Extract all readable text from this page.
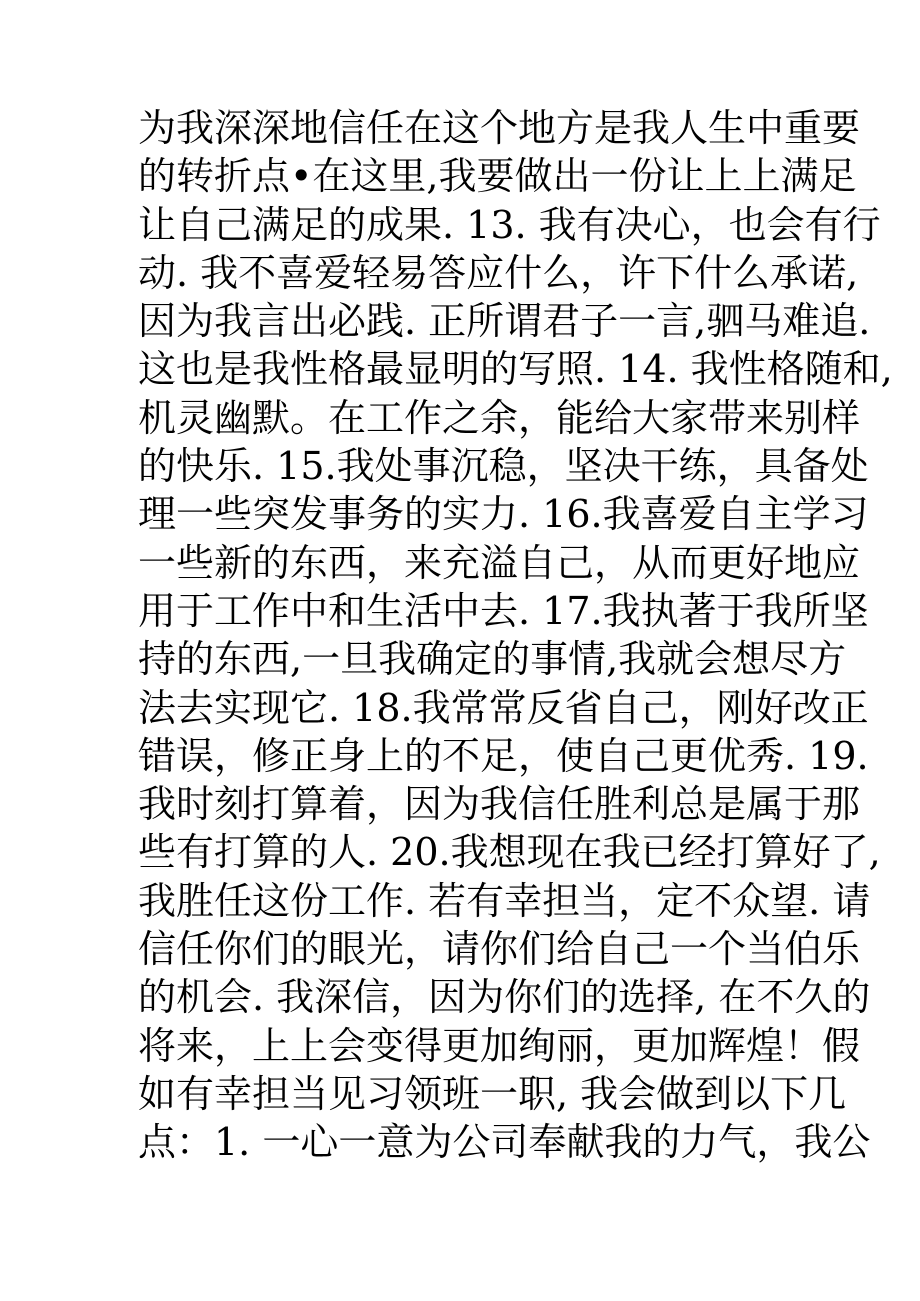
为我深深地信任在这个地方是我人生中重要
的转折点•在这里,我要做出一份让上上满足
让自己满足的成果. 13. 我有决心，也会有行
动. 我不喜爱轻易答应什么，许下什么承诺,
因为我言出必践. 正所谓君子一言,驷马难追.
这也是我性格最显明的写照. 14. 我性格随和,
机灵幽默。在工作之余，能给大家带来别样
的快乐. 15.我处事沉稳，坚决干练，具备处
理一些突发事务的实力. 16.我喜爱自主学习
一些新的东西，来充溢自己，从而更好地应
用于工作中和生活中去. 17.我执著于我所坚
持的东西,一旦我确定的事情,我就会想尽方
法去实现它. 18.我常常反省自己，刚好改正
错误，修正身上的不足，使自己更优秀. 19.
我时刻打算着，因为我信任胜利总是属于那
些有打算的人. 20.我想现在我已经打算好了,
我胜任这份工作. 若有幸担当，定不众望. 请
信任你们的眼光，请你们给自己一个当伯乐
的机会. 我深信，因为你们的选择, 在不久的
将来，上上会变得更加绚丽，更加辉煌！假
如有幸担当见习领班一职, 我会做到以下几
点：1. 一心一意为公司奉献我的力气，我公
